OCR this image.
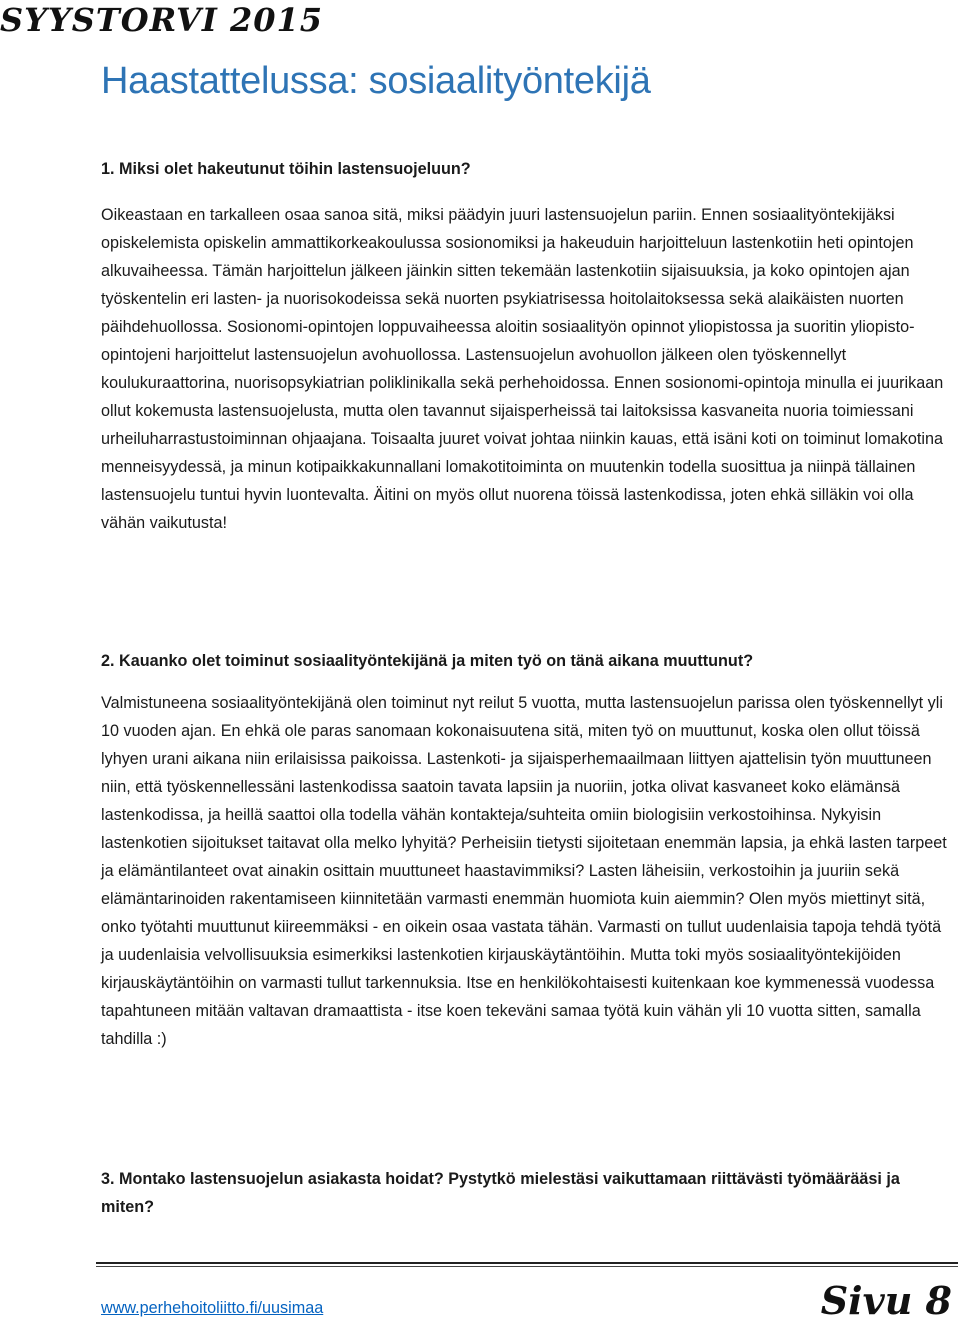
SYYSTORVI 2015
Haastattelussa: sosiaalityöntekijä

1. Miksi olet hakeutunut töihin lastensuojeluun?

Oikeastaan en tarkalleen osaa sanoa sitä, miksi päädyin juuri lastensuojelun pariin. Ennen sosiaalityöntekijäksi opiskelemista opiskelin ammattikorkeakoulussa sosionomiksi ja hakeuduin harjoitteluun lastenkotiin heti opintojen alkuvaiheessa. Tämän harjoittelun jälkeen jäinkin sitten tekemään lastenkotiin sijaisuuksia, ja koko opintojen ajan työskentelin eri lasten- ja nuorisokodeissa sekä nuorten psykiatrisessa hoitolaitoksessa sekä alaikäisten nuorten päihdehuollossa. Sosionomi-opintojen loppuvaiheessa aloitin sosiaalityön opinnot yliopistossa ja suoritin yliopisto-opintojeni harjoittelut lastensuojelun avohuollossa. Lastensuojelun avohuollon jälkeen olen työskennellyt koulukuraattorina, nuorisopsykiatrian poliklinikalla sekä perhehoidossa. Ennen sosionomi-opintoja minulla ei juurikaan ollut kokemusta lastensuojelusta, mutta olen tavannut sijaisperheissä tai laitoksissa kasvaneita nuoria toimiessani urheiluharrastustoiminnan ohjaajana. Toisaalta juuret voivat johtaa niinkin kauas, että isäni koti on toiminut lomakotina menneisyydessä, ja minun kotipaikkakunnallani lomakotitoiminta on muutenkin todella suosittua ja niinpä tällainen lastensuojelu tuntui hyvin luontevalta. Äitini on myös ollut nuorena töissä lastenkodissa, joten ehkä silläkin voi olla vähän vaikutusta!

2. Kauanko olet toiminut sosiaalityöntekijänä ja miten työ on tänä aikana muuttunut?

Valmistuneena sosiaalityöntekijänä olen toiminut nyt reilut 5 vuotta, mutta lastensuojelun parissa olen työskennellyt yli 10 vuoden ajan. En ehkä ole paras sanomaan kokonaisuutena sitä, miten työ on muuttunut, koska olen ollut töissä lyhyen urani aikana niin erilaisissa paikoissa. Lastenkoti- ja sijaisperhemaailmaan liittyen ajattelisin työn muuttuneen niin, että työskennellessäni lastenkodissa saatoin tavata lapsiin ja nuoriin, jotka olivat kasvaneet koko elämänsä lastenkodissa, ja heillä saattoi olla todella vähän kontakteja/suhteita omiin biologisiin verkostoihinsa. Nykyisin lastenkotien sijoitukset taitavat olla melko lyhyitä? Perheisiin tietysti sijoitetaan enemmän lapsia, ja ehkä lasten tarpeet ja elämäntilanteet ovat ainakin osittain muuttuneet haastavimmiksi? Lasten läheisiin, verkostoihin ja juuriin sekä elämäntarinoiden rakentamiseen kiinnitetään varmasti enemmän huomiota kuin aiemmin? Olen myös miettinyt sitä, onko työtahti muuttunut kiireemmäksi - en oikein osaa vastata tähän. Varmasti on tullut uudenlaisia tapoja tehdä työtä ja uudenlaisia velvollisuuksia esimerkiksi lastenkotien kirjauskäytäntöihin. Mutta toki myös sosiaalityöntekijöiden kirjauskäytäntöihin on varmasti tullut tarkennuksia. Itse en henkilökohtaisesti kuitenkaan koe kymmenessä vuodessa tapahtuneen mitään valtavan dramaattista - itse koen tekeväni samaa työtä kuin vähän yli 10 vuotta sitten, samalla tahdilla :)

3. Montako lastensuojelun asiakasta hoidat? Pystytkö mielestäsi vaikuttamaan riittävästi työmäärääsi ja miten?

www.perhehoitoliitto.fi/uusimaa	Sivu 8
